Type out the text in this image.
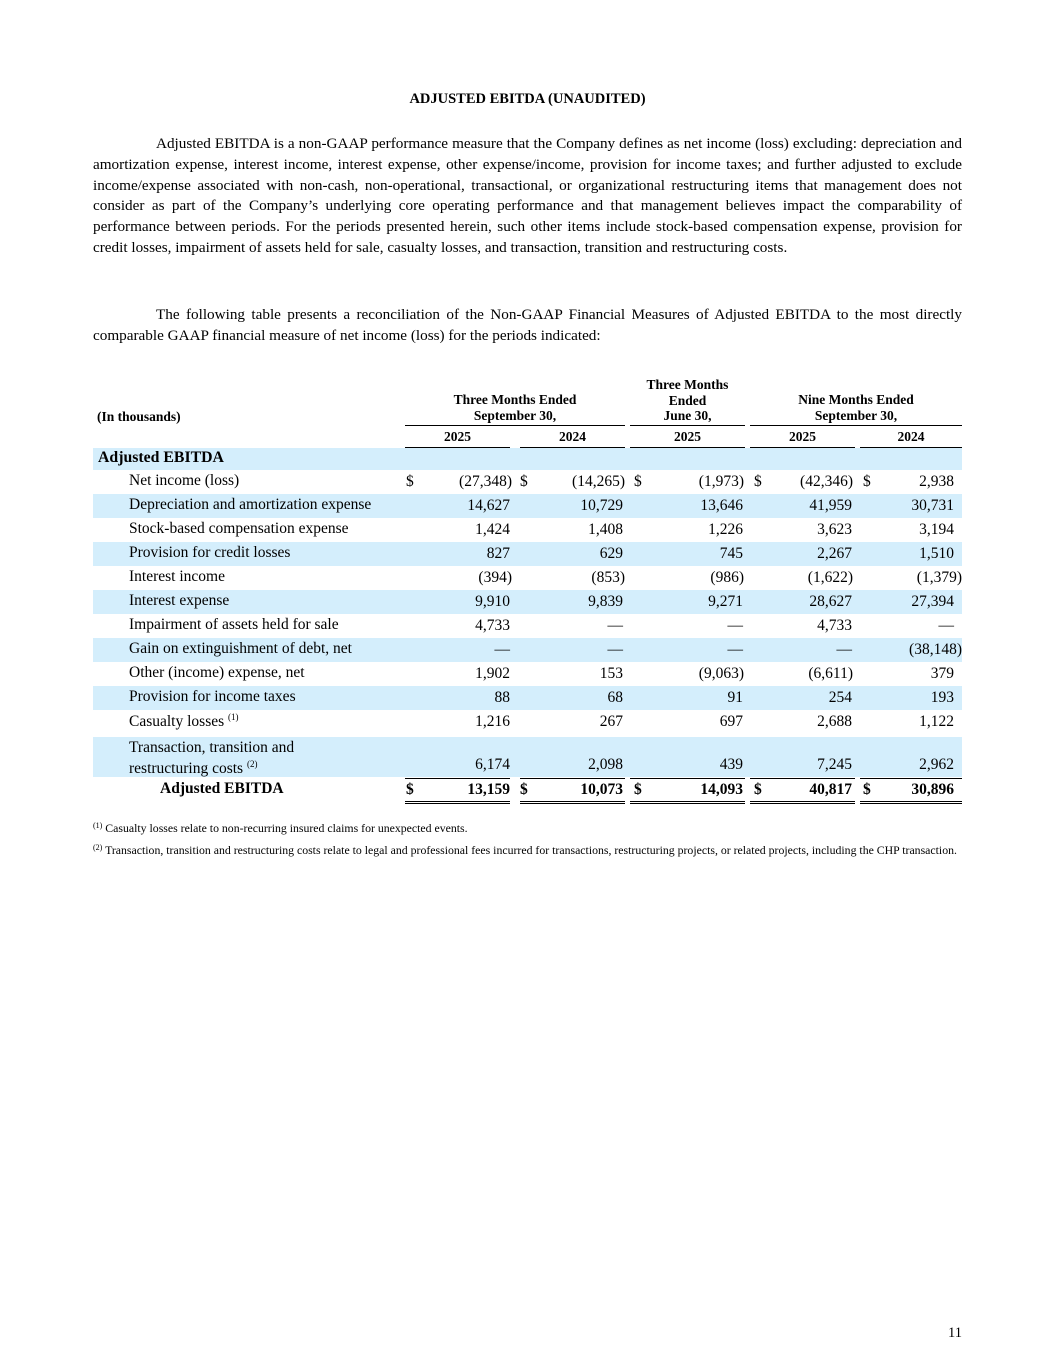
ADJUSTED EBITDA (UNAUDITED)

Adjusted EBITDA is a non-GAAP performance measure that the Company defines as net income (loss) excluding: depreciation and amortization expense, interest income, interest expense, other expense/income, provision for income taxes; and further adjusted to exclude income/expense associated with non-cash, non-operational, transactional, or organizational restructuring items that management does not consider as part of the Company’s underlying core operating performance and that management believes impact the comparability of performance between periods. For the periods presented herein, such other items include stock-based compensation expense, provision for credit losses, impairment of assets held for sale, casualty losses, and transaction, transition and restructuring costs.

The following table presents a reconciliation of the Non-GAAP Financial Measures of Adjusted EBITDA to the most directly comparable GAAP financial measure of net income (loss) for the periods indicated:

(In thousands)
Three Months Ended
September 30,
Three Months
Ended
June 30,
Nine Months Ended
September 30,
2025	2024	2025	2025	2024
Adjusted EBITDA
Net income (loss)	$	(27,348) $	(14,265) $	(1,973) $ (42,346) $	2,938
Depreciation and amortization expense	14,627	10,729	13,646	41,959	30,731
Stock-based compensation expense	1,424	1,408	1,226	3,623	3,194
Provision for credit losses	827	629	745	2,267	1,510
Interest income	(394)	(853)	(986)	(1,622)	(1,379)
Interest expense	9,910	9,839	9,271	28,627	27,394
Impairment of assets held for sale	4,733	—	—	4,733	—
Gain on extinguishment of debt, net	—	—	—	—	(38,148)
Other (income) expense, net	1,902	153	(9,063)	(6,611)	379
Provision for income taxes	88	68	91	254	193
Casualty losses $^{(1)}$	1,216	267	697	2,688	1,122
Transaction, transition and
restructuring costs $^{(2)}$	6,174	2,098	439	7,245	2,962
Adjusted EBITDA	$	13,159 $	10,073 $	14,093 $	40,817 $	30,896

$^{(1)}$ Casualty losses relate to non-recurring insured claims for unexpected events.

$^{(2)}$ Transaction, transition and restructuring costs relate to legal and professional fees incurred for transactions, restructuring projects, or related projects, including the CHP transaction.

11
